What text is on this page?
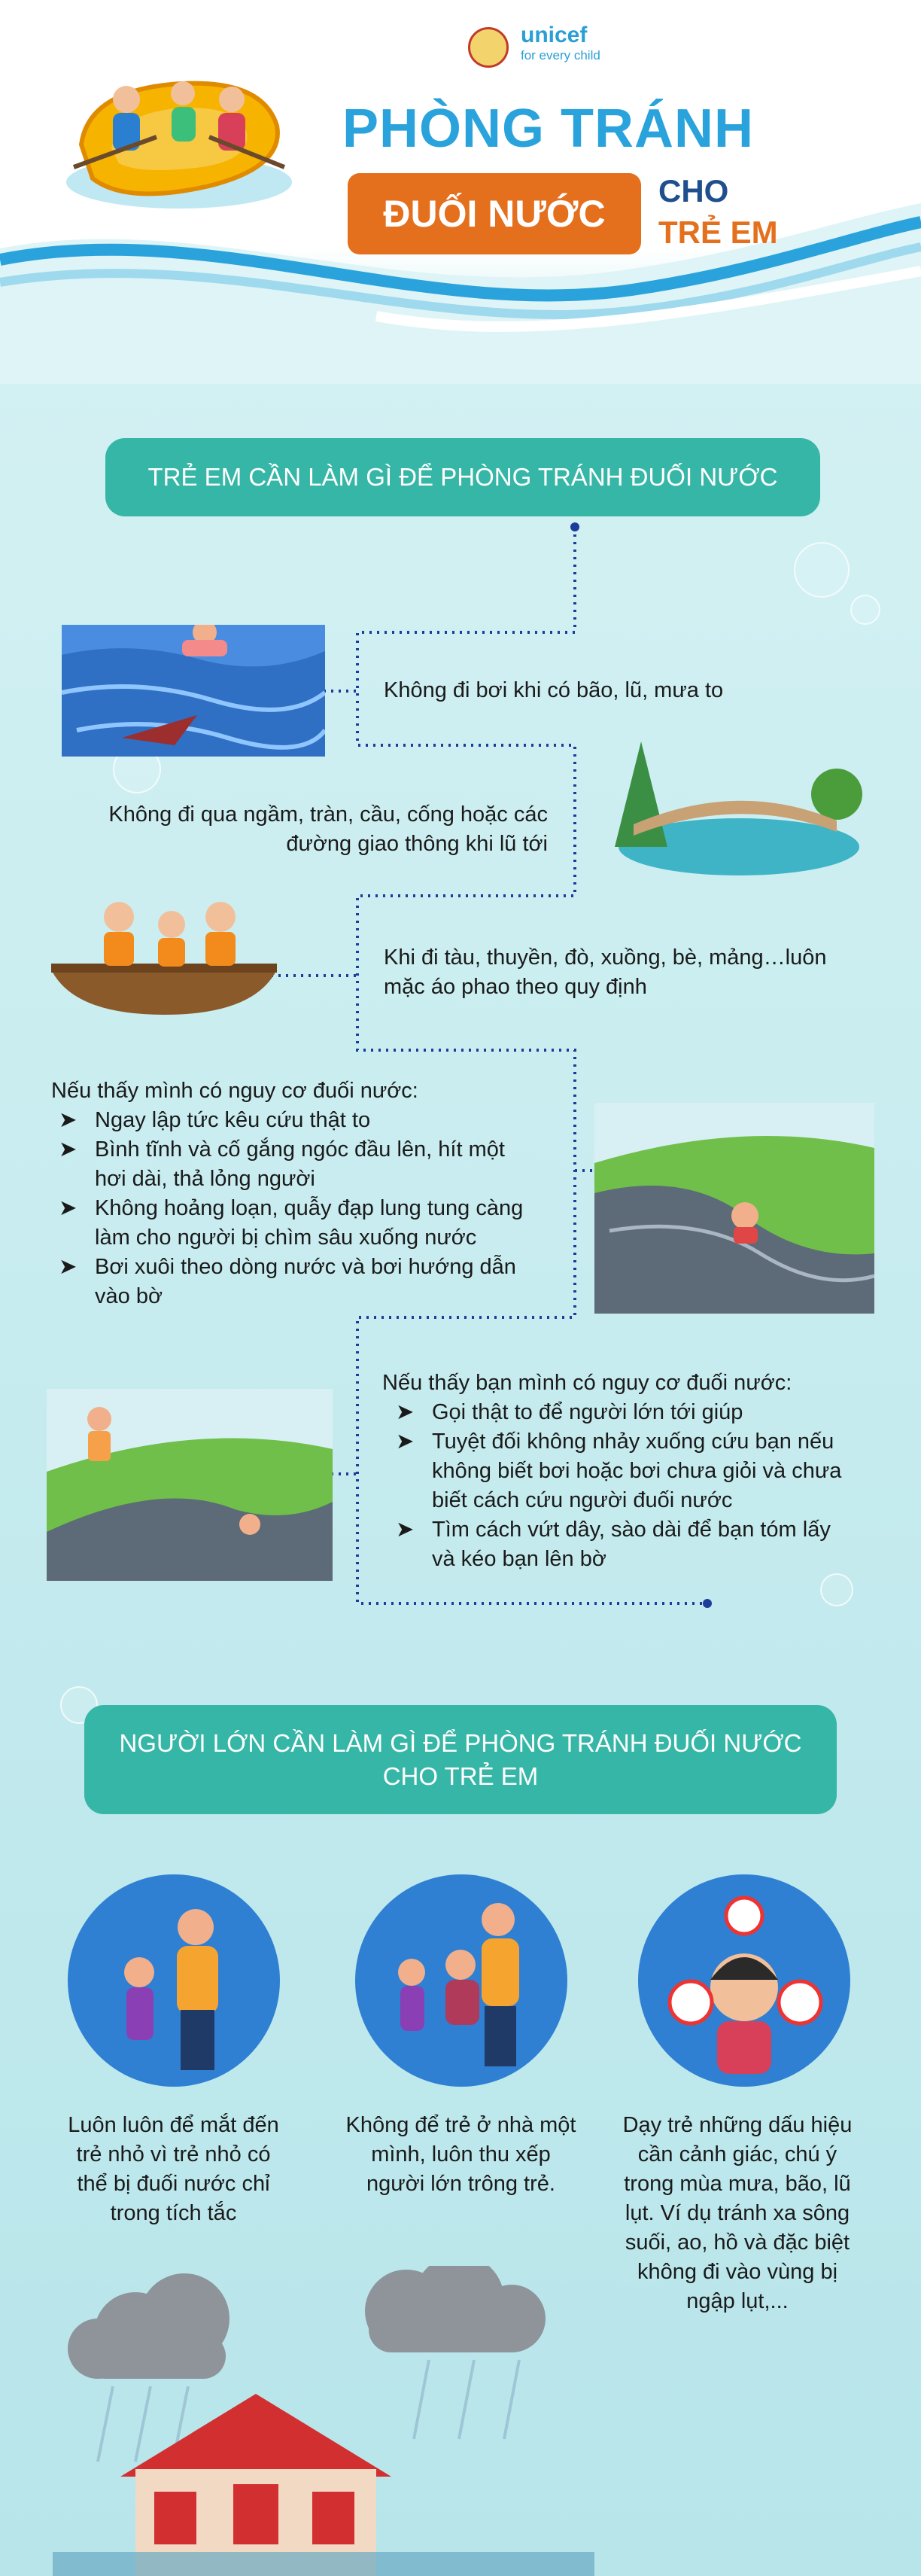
unicef
for every child
PHÒNG TRÁNH
ĐUỐI NƯỚC
CHO
TRẺ EM
TRẺ EM CẦN LÀM GÌ ĐỂ PHÒNG TRÁNH ĐUỐI NƯỚC
Không đi bơi khi có bão, lũ, mưa to
Không đi qua ngầm, tràn, cầu, cống hoặc các
đường giao thông khi lũ tới
Khi đi tàu, thuyền, đò, xuồng, bè, mảng…luôn
mặc áo phao theo quy định
Nếu thấy mình có nguy cơ đuối nước:
➤ Ngay lập tức kêu cứu thật to
➤ Bình tĩnh và cố gắng ngóc đầu lên, hít một
hơi dài, thả lỏng người
➤ Không hoảng loạn, quẫy đạp lung tung càng
làm cho người bị chìm sâu xuống nước
➤ Bơi xuôi theo dòng nước và bơi hướng dẫn
vào bờ
Nếu thấy bạn mình có nguy cơ đuối nước:
➤ Gọi thật to để người lớn tới giúp
➤ Tuyệt đối không nhảy xuống cứu bạn nếu
không biết bơi hoặc bơi chưa giỏi và chưa
biết cách cứu người đuối nước
➤ Tìm cách vứt dây, sào dài để bạn tóm lấy
và kéo bạn lên bờ
NGƯỜI LỚN CẦN LÀM GÌ ĐỂ PHÒNG TRÁNH ĐUỐI NƯỚC
CHO TRẺ EM
Luôn luôn để mắt đến
trẻ nhỏ vì trẻ nhỏ có
thể bị đuối nước chỉ
trong tích tắc
Không để trẻ ở nhà một
mình, luôn thu xếp
người lớn trông trẻ.
Dạy trẻ những dấu hiệu
cần cảnh giác, chú ý
trong mùa mưa, bão, lũ
lụt. Ví dụ tránh xa sông
suối, ao, hồ và đặc biệt
không đi vào vùng bị
ngập lụt,...
